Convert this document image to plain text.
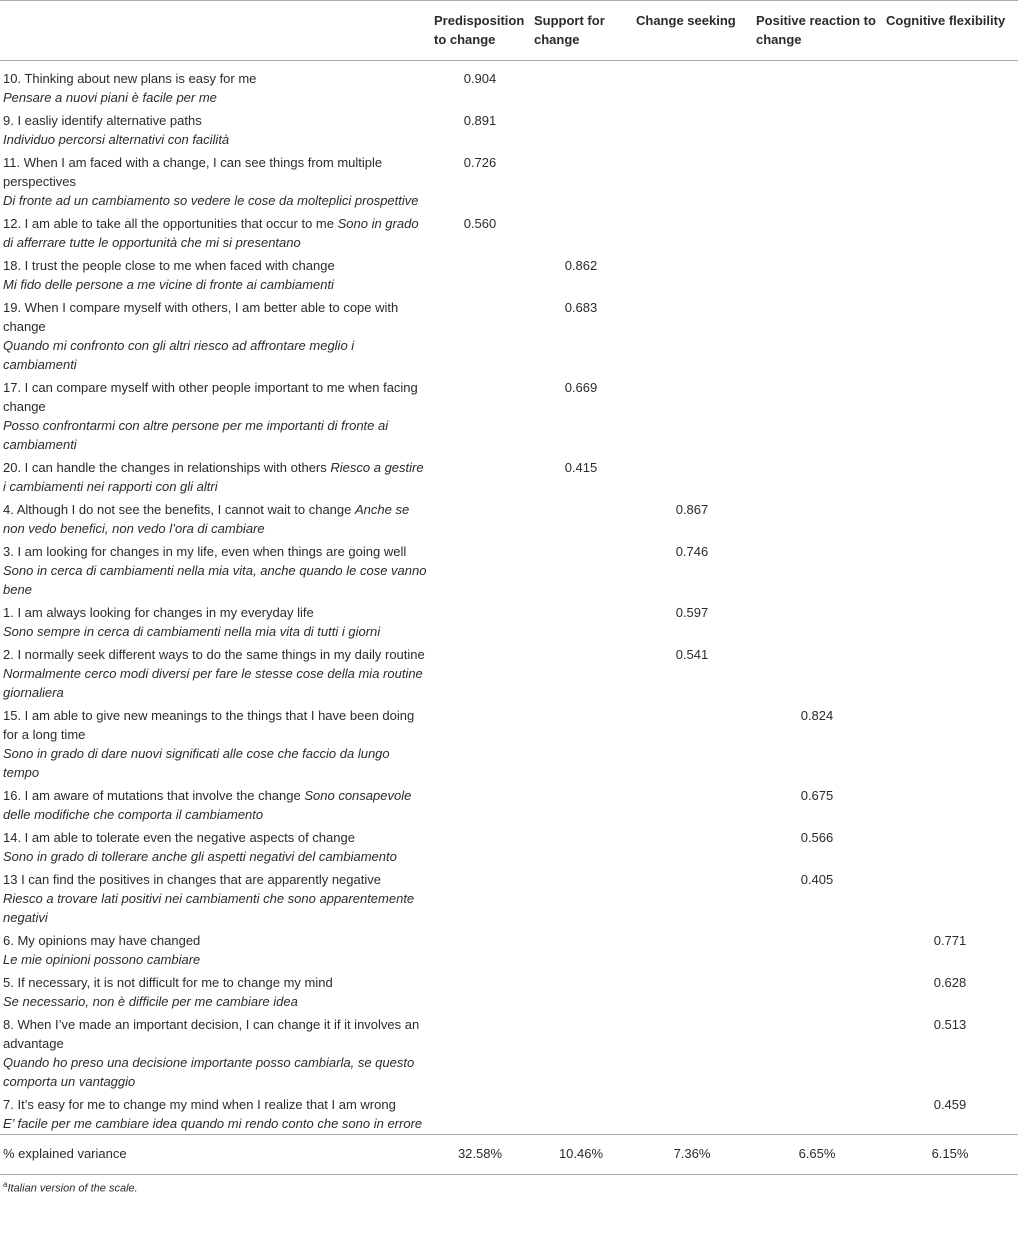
	Predisposition to change	Support for change	Change seeking	Positive reaction to change	Cognitive flexibility

10. Thinking about new plans is easy for me
Pensare a nuovi piani è facile per me	0.904				

9. I easliy identify alternative paths
Individuo percorsi alternativi con facilità	0.891				

11. When I am faced with a change, I can see things from multiple perspectives
Di fronte ad un cambiamento so vedere le cose da molteplici prospettive	0.726				
12. I am able to take all the opportunities that occur to me Sono in grado di afferrare tutte le opportunità che mi si presentano	0.560				

18. I trust the people close to me when faced with change
Mi fido delle persone a me vicine di fronte ai cambiamenti		0.862			

19. When I compare myself with others, I am better able to cope with change
Quando mi confronto con gli altri riesco ad affrontare meglio i cambiamenti		0.683			

17. I can compare myself with other people important to me when facing change
Posso confrontarmi con altre persone per me importanti di fronte ai cambiamenti		0.669			
20. I can handle the changes in relationships with others Riesco a gestire i cambiamenti nei rapporti con gli altri		0.415			
4. Although I do not see the benefits, I cannot wait to change Anche se non vedo benefici, non vedo l’ora di cambiare			0.867		

3. I am looking for changes in my life, even when things are going well
Sono in cerca di cambiamenti nella mia vita, anche quando le cose vanno bene			0.746		

1. I am always looking for changes in my everyday life
Sono sempre in cerca di cambiamenti nella mia vita di tutti i giorni			0.597		

2. I normally seek different ways to do the same things in my daily routine
Normalmente cerco modi diversi per fare le stesse cose della mia routine giornaliera			0.541		

15. I am able to give new meanings to the things that I have been doing for a long time
Sono in grado di dare nuovi significati alle cose che faccio da lungo tempo				0.824	
16. I am aware of mutations that involve the change Sono consapevole delle modifiche che comporta il cambiamento				0.675	

14. I am able to tolerate even the negative aspects of change
Sono in grado di tollerare anche gli aspetti negativi del cambiamento				0.566	

13 I can find the positives in changes that are apparently negative
Riesco a trovare lati positivi nei cambiamenti che sono apparentemente negativi				0.405	

6. My opinions may have changed
Le mie opinioni possono cambiare					0.771

5. If necessary, it is not difficult for me to change my mind
Se necessario, non è difficile per me cambiare idea					0.628

8. When I’ve made an important decision, I can change it if it involves an advantage
Quando ho preso una decisione importante posso cambiarla, se questo comporta un vantaggio					0.513

7. It’s easy for me to change my mind when I realize that I am wrong
E’ facile per me cambiare idea quando mi rendo conto che sono in errore					0.459
% explained variance	32.58%	10.46%	7.36%	6.65%	6.15%
$^a$Italian version of the scale.
